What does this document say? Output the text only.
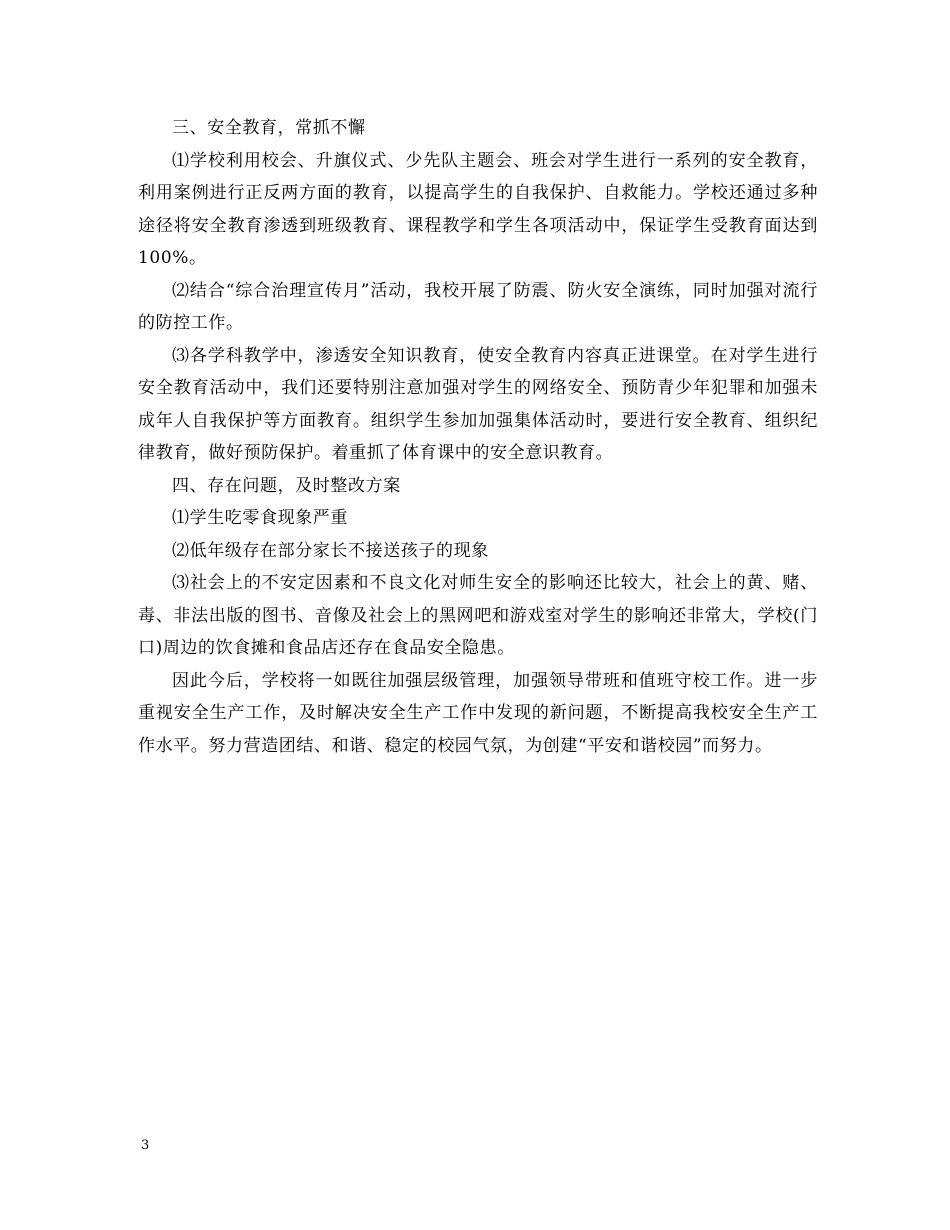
三、安全教育，常抓不懈

⑴学校利用校会、升旗仪式、少先队主题会、班会对学生进行一系列的安全教育，利用案例进行正反两方面的教育，以提高学生的自我保护、自救能力。学校还通过多种途径将安全教育渗透到班级教育、课程教学和学生各项活动中，保证学生受教育面达到100%。

⑵结合“综合治理宣传月”活动，我校开展了防震、防火安全演练，同时加强对流行的防控工作。

⑶各学科教学中，渗透安全知识教育，使安全教育内容真正进课堂。在对学生进行安全教育活动中，我们还要特别注意加强对学生的网络安全、预防青少年犯罪和加强未成年人自我保护等方面教育。组织学生参加加强集体活动时，要进行安全教育、组织纪律教育，做好预防保护。着重抓了体育课中的安全意识教育。

四、存在问题，及时整改方案

⑴学生吃零食现象严重

⑵低年级存在部分家长不接送孩子的现象

⑶社会上的不安定因素和不良文化对师生安全的影响还比较大，社会上的黄、赌、毒、非法出版的图书、音像及社会上的黑网吧和游戏室对学生的影响还非常大，学校(门口)周边的饮食摊和食品店还存在食品安全隐患。

因此今后，学校将一如既往加强层级管理，加强领导带班和值班守校工作。进一步重视安全生产工作，及时解决安全生产工作中发现的新问题，不断提高我校安全生产工作水平。努力营造团结、和谐、稳定的校园气氛，为创建“平安和谐校园”而努力。

3
